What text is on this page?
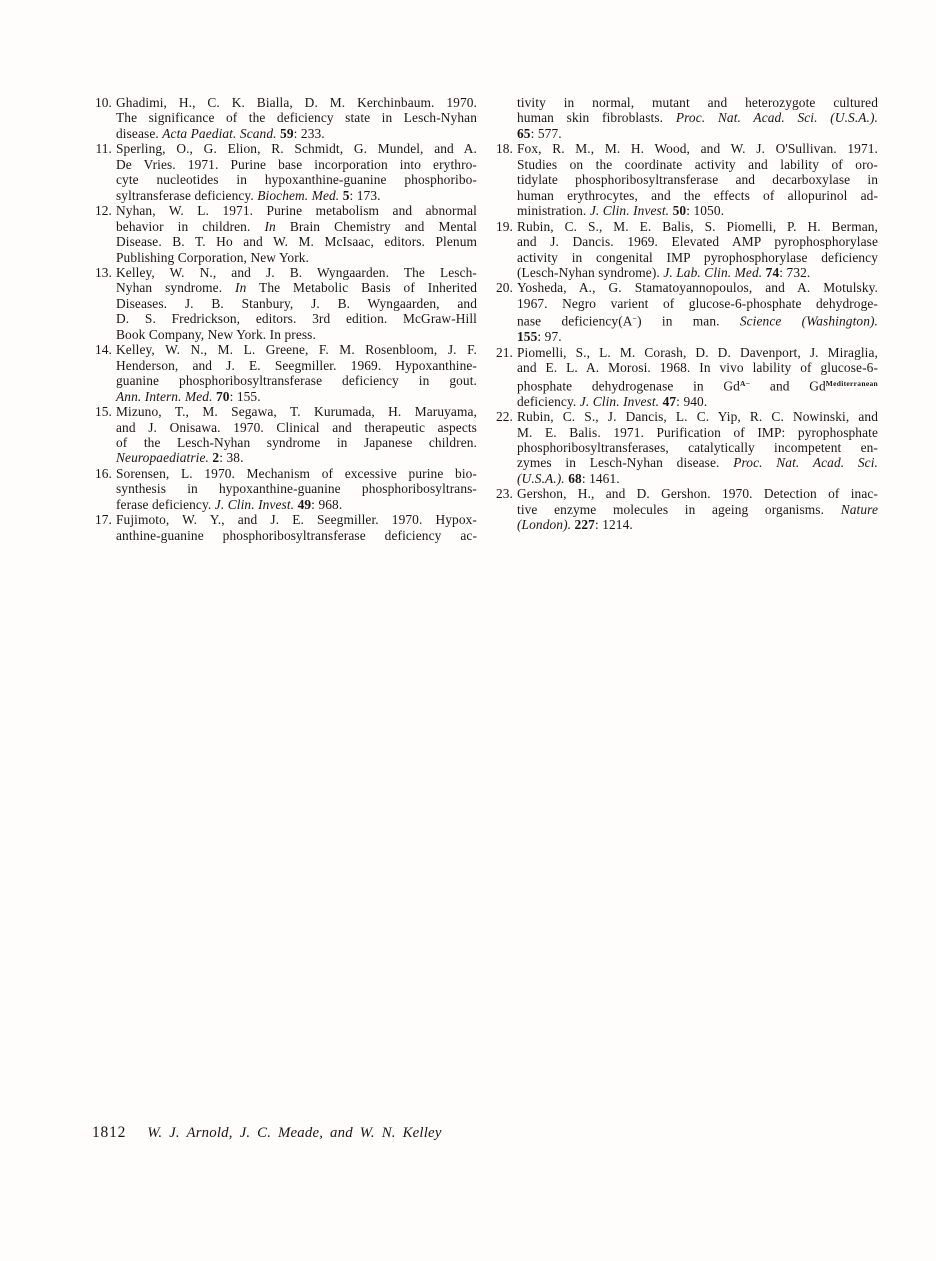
10. Ghadimi, H., C. K. Bialla, D. M. Kerchinbaum. 1970.
The significance of the deficiency state in Lesch-Nyhan
disease. Acta Paediat. Scand. 59: 233.
11. Sperling, O., G. Elion, R. Schmidt, G. Mundel, and A.
De Vries. 1971. Purine base incorporation into erythro-
cyte nucleotides in hypoxanthine-guanine phosphoribo-
syltransferase deficiency. Biochem. Med. 5: 173.
12. Nyhan, W. L. 1971. Purine metabolism and abnormal
behavior in children. In Brain Chemistry and Mental
Disease. B. T. Ho and W. M. McIsaac, editors. Plenum
Publishing Corporation, New York.
13. Kelley, W. N., and J. B. Wyngaarden. The Lesch-
Nyhan syndrome. In The Metabolic Basis of Inherited
Diseases. J. B. Stanbury, J. B. Wyngaarden, and
D. S. Fredrickson, editors. 3rd edition. McGraw-Hill
Book Company, New York. In press.
14. Kelley, W. N., M. L. Greene, F. M. Rosenbloom, J. F.
Henderson, and J. E. Seegmiller. 1969. Hypoxanthine-
guanine phosphoribosyltransferase deficiency in gout.
Ann. Intern. Med. 70: 155.
15. Mizuno, T., M. Segawa, T. Kurumada, H. Maruyama,
and J. Onisawa. 1970. Clinical and therapeutic aspects
of the Lesch-Nyhan syndrome in Japanese children.
Neuropaediatrie. 2: 38.
16. Sorensen, L. 1970. Mechanism of excessive purine bio-
synthesis in hypoxanthine-guanine phosphoribosyltrans-
ferase deficiency. J. Clin. Invest. 49: 968.
17. Fujimoto, W. Y., and J. E. Seegmiller. 1970. Hypox-
anthine-guanine phosphoribosyltransferase deficiency ac-
tivity in normal, mutant and heterozygote cultured
human skin fibroblasts. Proc. Nat. Acad. Sci. (U.S.A.).
65: 577.
18. Fox, R. M., M. H. Wood, and W. J. O'Sullivan. 1971.
Studies on the coordinate activity and lability of oro-
tidylate phosphoribosyltransferase and decarboxylase in
human erythrocytes, and the effects of allopurinol ad-
ministration. J. Clin. Invest. 50: 1050.
19. Rubin, C. S., M. E. Balis, S. Piomelli, P. H. Berman,
and J. Dancis. 1969. Elevated AMP pyrophosphorylase
activity in congenital IMP pyrophosphorylase deficiency
(Lesch-Nyhan syndrome). J. Lab. Clin. Med. 74: 732.
20. Yosheda, A., G. Stamatoyannopoulos, and A. Motulsky.
1967. Negro varient of glucose-6-phosphate dehydroge-
nase deficiency(A−) in man. Science (Washington).
155: 97.
21. Piomelli, S., L. M. Corash, D. D. Davenport, J. Miraglia,
and E. L. A. Morosi. 1968. In vivo lability of glucose-6-
phosphate dehydrogenase in $Gd^{A-}$ and $Gd^{Mediterranean}$
deficiency. J. Clin. Invest. 47: 940.
22. Rubin, C. S., J. Dancis, L. C. Yip, R. C. Nowinski, and
M. E. Balis. 1971. Purification of IMP: pyrophosphate
phosphoribosyltransferases, catalytically incompetent en-
zymes in Lesch-Nyhan disease. Proc. Nat. Acad. Sci.
(U.S.A.). 68: 1461.
23. Gershon, H., and D. Gershon. 1970. Detection of inac-
tive enzyme molecules in ageing organisms. Nature
(London). 227: 1214.
1812 W. J. Arnold, J. C. Meade, and W. N. Kelley
